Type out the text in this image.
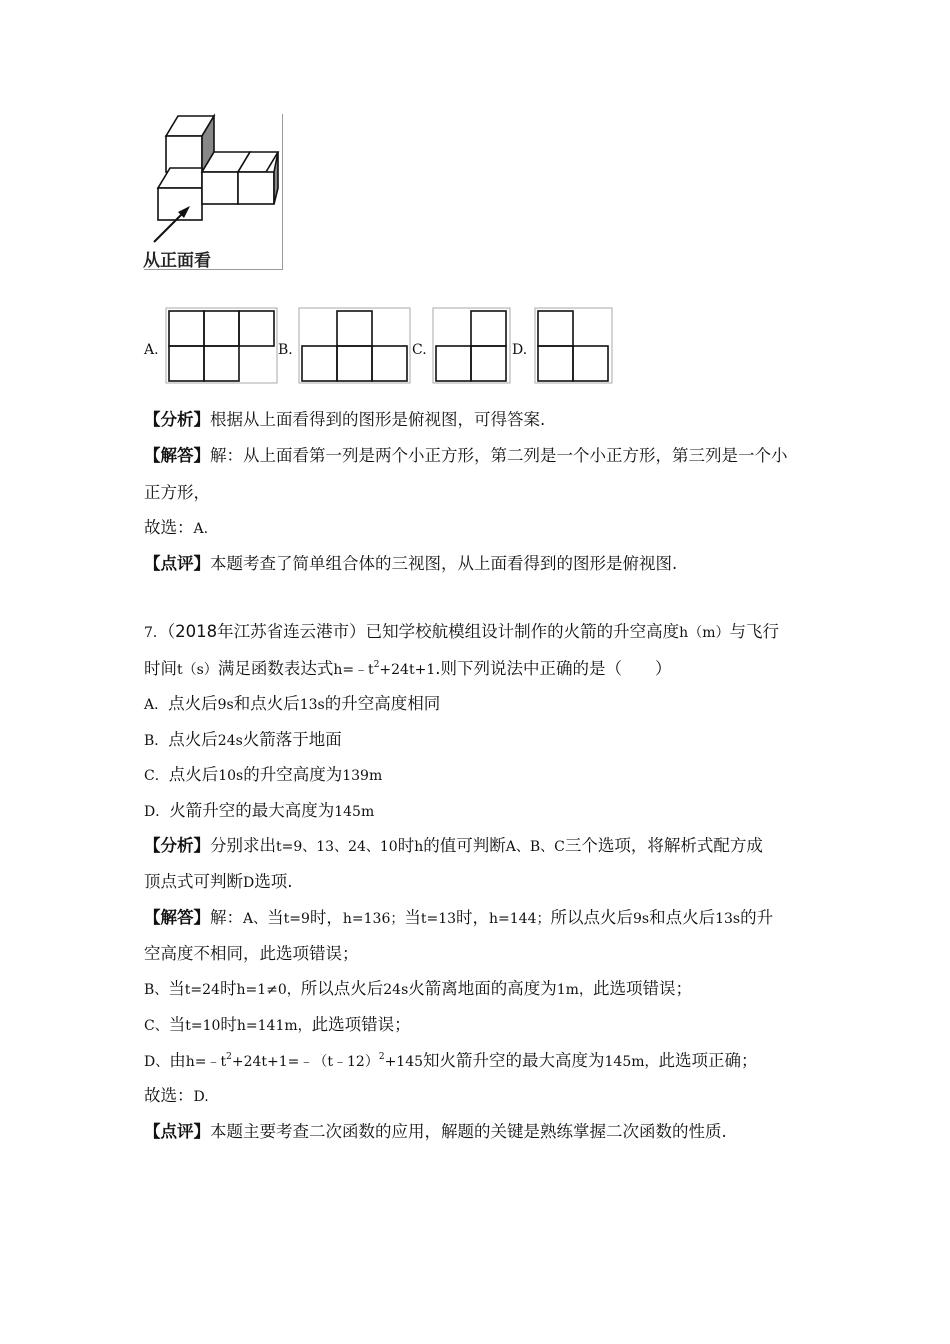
从正面看
A.	B.	C.	D.
【分析】根据从上面看得到的图形是俯视图，可得答案.
【解答】解：从上面看第一列是两个小正方形，第二列是一个小正方形，第三列是一个小
正方形，
故选：A.
【点评】本题考查了简单组合体的三视图，从上面看得到的图形是俯视图.
7．（2018年江苏省连云港市）已知学校航模组设计制作的火箭的升空高度h（m）与飞行
时间t（s）满足函数表达式$h=﹣t^2+24t+1$.则下列说法中正确的是（　　）
A．点火后9s和点火后13s的升空高度相同
B．点火后24s火箭落于地面
C．点火后10s的升空高度为139m
D．火箭升空的最大高度为145m
【分析】分别求出t=9、13、24、10时h的值可判断A、B、C三个选项，将解析式配方成
顶点式可判断D选项.
【解答】解：A、当t=9时，h=136；当t=13时，h=144；所以点火后9s和点火后13s的升
空高度不相同，此选项错误；
B、当t=24时h=1≠0，所以点火后24s火箭离地面的高度为1m，此选项错误；
C、当t=10时h=141m，此选项错误；
D、由$h=﹣t^2+24t+1=﹣(t﹣12)^2+145$知火箭升空的最大高度为145m，此选项正确；
故选：D.
【点评】本题主要考查二次函数的应用，解题的关键是熟练掌握二次函数的性质.
